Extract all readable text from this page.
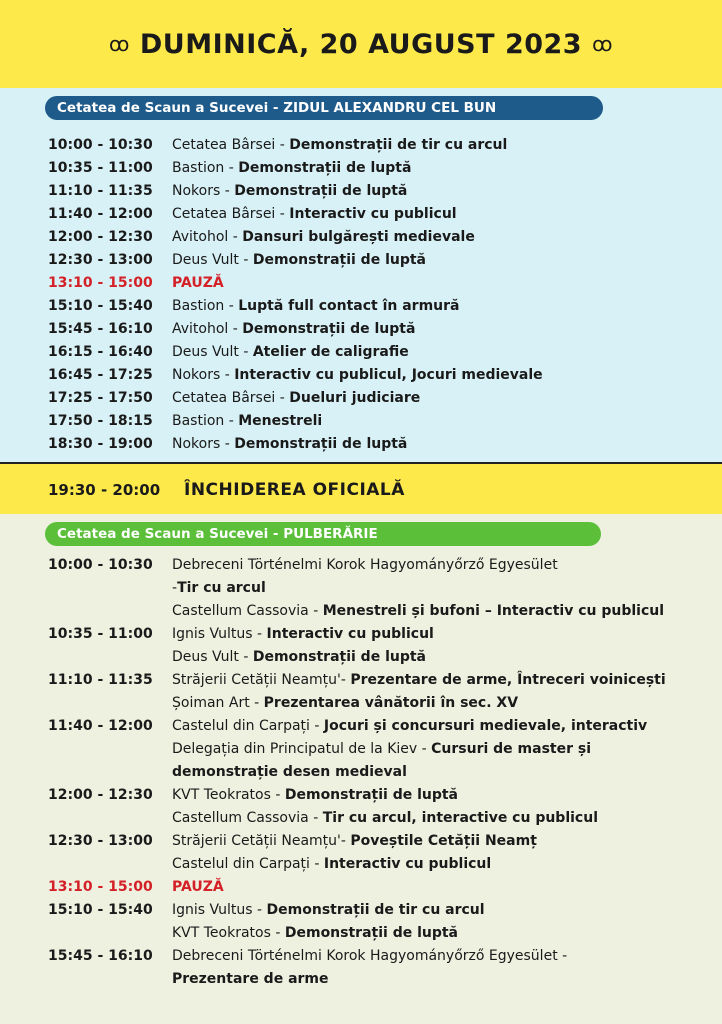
ꝏ DUMINICĂ, 20 AUGUST 2023 ꝏ
Cetatea de Scaun a Sucevei - ZIDUL ALEXANDRU CEL BUN
10:00 - 10:30	Cetatea Bârsei - Demonstrații de tir cu arcul
10:35 - 11:00	Bastion - Demonstrații de luptă
11:10 - 11:35	Nokors - Demonstrații de luptă
11:40 - 12:00	Cetatea Bârsei - Interactiv cu publicul
12:00 - 12:30	Avitohol - Dansuri bulgărești medievale
12:30 - 13:00	Deus Vult - Demonstrații de luptă
13:10 - 15:00	PAUZĂ
15:10 - 15:40	Bastion - Luptă full contact în armură
15:45 - 16:10	Avitohol - Demonstrații de luptă
16:15 - 16:40	Deus Vult - Atelier de caligrafie
16:45 - 17:25	Nokors - Interactiv cu publicul, Jocuri medievale
17:25 - 17:50	Cetatea Bârsei - Dueluri judiciare
17:50 - 18:15	Bastion - Menestreli
18:30 - 19:00	Nokors - Demonstrații de luptă
19:30 - 20:00	ÎNCHIDEREA OFICIALĂ
Cetatea de Scaun a Sucevei - PULBERĂRIE
10:00 - 10:30	Debreceni Történelmi Korok Hagyományőrző Egyesület
-Tir cu arcul
Castellum Cassovia - Menestreli și bufoni – Interactiv cu publicul
10:35 - 11:00	Ignis Vultus - Interactiv cu publicul
Deus Vult - Demonstrații de luptă
11:10 - 11:35	Străjerii Cetății Neamțu'- Prezentare de arme, Întreceri voinicești
Șoiman Art - Prezentarea vânătorii în sec. XV
11:40 - 12:00	Castelul din Carpați - Jocuri și concursuri medievale, interactiv
Delegația din Principatul de la Kiev - Cursuri de master și
demonstrație desen medieval
12:00 - 12:30	KVT Teokratos - Demonstrații de luptă
Castellum Cassovia - Tir cu arcul, interactive cu publicul
12:30 - 13:00	Străjerii Cetății Neamțu'- Poveștile Cetății Neamț
Castelul din Carpați - Interactiv cu publicul
13:10 - 15:00	PAUZĂ
15:10 - 15:40	Ignis Vultus - Demonstrații de tir cu arcul
KVT Teokratos - Demonstrații de luptă
15:45 - 16:10	Debreceni Történelmi Korok Hagyományőrző Egyesület -
Prezentare de arme
